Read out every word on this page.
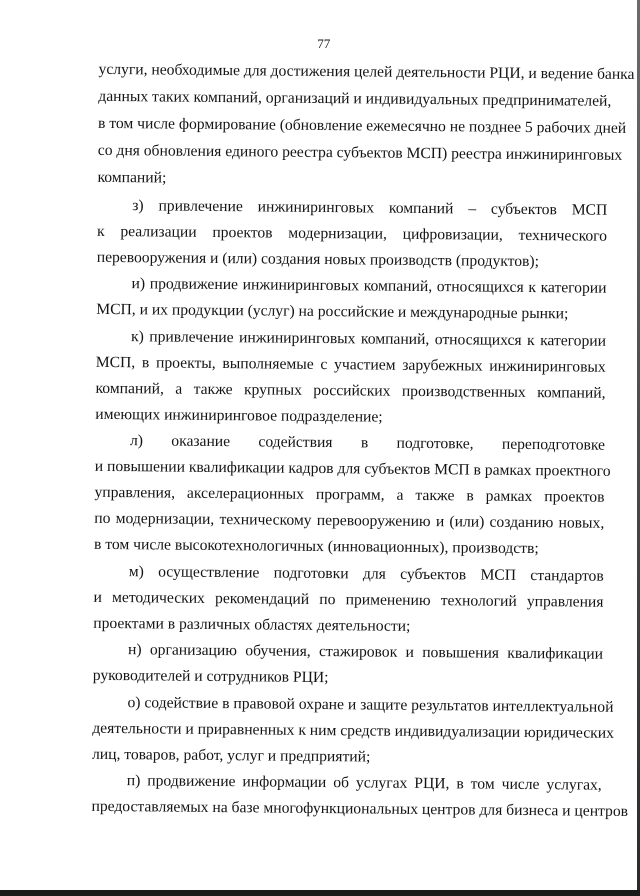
77
услуги, необходимые для достижения целей деятельности РЦИ, и ведение банка
данных таких компаний, организаций и индивидуальных предпринимателей,
в том числе формирование (обновление ежемесячно не позднее 5 рабочих дней
со дня обновления единого реестра субъектов МСП) реестра инжиниринговых
компаний;
з) привлечение инжиниринговых компаний – субъектов МСП
к реализации проектов модернизации, цифровизации, технического
перевооружения и (или) создания новых производств (продуктов);
и) продвижение инжиниринговых компаний, относящихся к категории
МСП, и их продукции (услуг) на российские и международные рынки;
к) привлечение инжиниринговых компаний, относящихся к категории
МСП, в проекты, выполняемые с участием зарубежных инжиниринговых
компаний, а также крупных российских производственных компаний,
имеющих инжиниринговое подразделение;
л) оказание содействия в подготовке, переподготовке
и повышении квалификации кадров для субъектов МСП в рамках проектного
управления, акселерационных программ, а также в рамках проектов
по модернизации, техническому перевооружению и (или) созданию новых,
в том числе высокотехнологичных (инновационных), производств;
м) осуществление подготовки для субъектов МСП стандартов
и методических рекомендаций по применению технологий управления
проектами в различных областях деятельности;
н) организацию обучения, стажировок и повышения квалификации
руководителей и сотрудников РЦИ;
о) содействие в правовой охране и защите результатов интеллектуальной
деятельности и приравненных к ним средств индивидуализации юридических
лиц, товаров, работ, услуг и предприятий;
п) продвижение информации об услугах РЦИ, в том числе услугах,
предоставляемых на базе многофункциональных центров для бизнеса и центров
